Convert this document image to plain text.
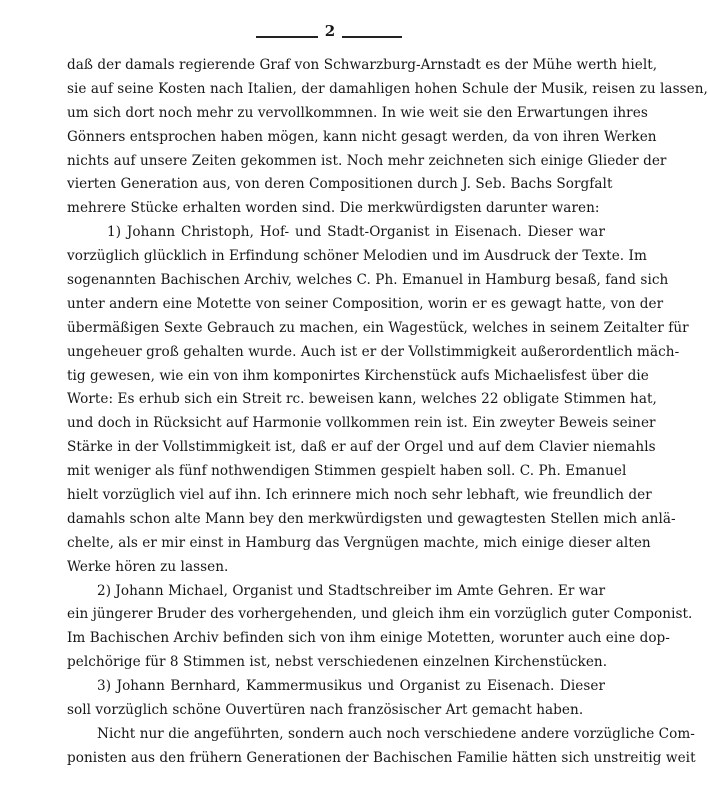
2
daß der damals regierende Graf von Schwarzburg-Arnstadt es der Mühe werth hielt,
sie auf seine Kosten nach Italien, der damahligen hohen Schule der Musik, reisen zu lassen,
um sich dort noch mehr zu vervollkommnen. In wie weit sie den Erwartungen ihres
Gönners entsprochen haben mögen, kann nicht gesagt werden, da von ihren Werken
nichts auf unsere Zeiten gekommen ist. Noch mehr zeichneten sich einige Glieder der
vierten Generation aus, von deren Compositionen durch J. Seb. Bachs Sorgfalt
mehrere Stücke erhalten worden sind. Die merkwürdigsten darunter waren:
1) Johann Christoph, Hof- und Stadt-Organist in Eisenach. Dieser war
vorzüglich glücklich in Erfindung schöner Melodien und im Ausdruck der Texte. Im
sogenannten Bachischen Archiv, welches C. Ph. Emanuel in Hamburg besaß, fand sich
unter andern eine Motette von seiner Composition, worin er es gewagt hatte, von der
übermäßigen Sexte Gebrauch zu machen, ein Wagestück, welches in seinem Zeitalter für
ungeheuer groß gehalten wurde. Auch ist er der Vollstimmigkeit außerordentlich mäch-
tig gewesen, wie ein von ihm komponirtes Kirchenstück aufs Michaelisfest über die
Worte: Es erhub sich ein Streit rc. beweisen kann, welches 22 obligate Stimmen hat,
und doch in Rücksicht auf Harmonie vollkommen rein ist. Ein zweyter Beweis seiner
Stärke in der Vollstimmigkeit ist, daß er auf der Orgel und auf dem Clavier niemahls
mit weniger als fünf nothwendigen Stimmen gespielt haben soll. C. Ph. Emanuel
hielt vorzüglich viel auf ihn. Ich erinnere mich noch sehr lebhaft, wie freundlich der
damahls schon alte Mann bey den merkwürdigsten und gewagtesten Stellen mich anlä-
chelte, als er mir einst in Hamburg das Vergnügen machte, mich einige dieser alten
Werke hören zu lassen.
2) Johann Michael, Organist und Stadtschreiber im Amte Gehren. Er war
ein jüngerer Bruder des vorhergehenden, und gleich ihm ein vorzüglich guter Componist.
Im Bachischen Archiv befinden sich von ihm einige Motetten, worunter auch eine dop-
pelchörige für 8 Stimmen ist, nebst verschiedenen einzelnen Kirchenstücken.
3) Johann Bernhard, Kammermusikus und Organist zu Eisenach. Dieser
soll vorzüglich schöne Ouvertüren nach französischer Art gemacht haben.
Nicht nur die angeführten, sondern auch noch verschiedene andere vorzügliche Com-
ponisten aus den frühern Generationen der Bachischen Familie hätten sich unstreitig weit
